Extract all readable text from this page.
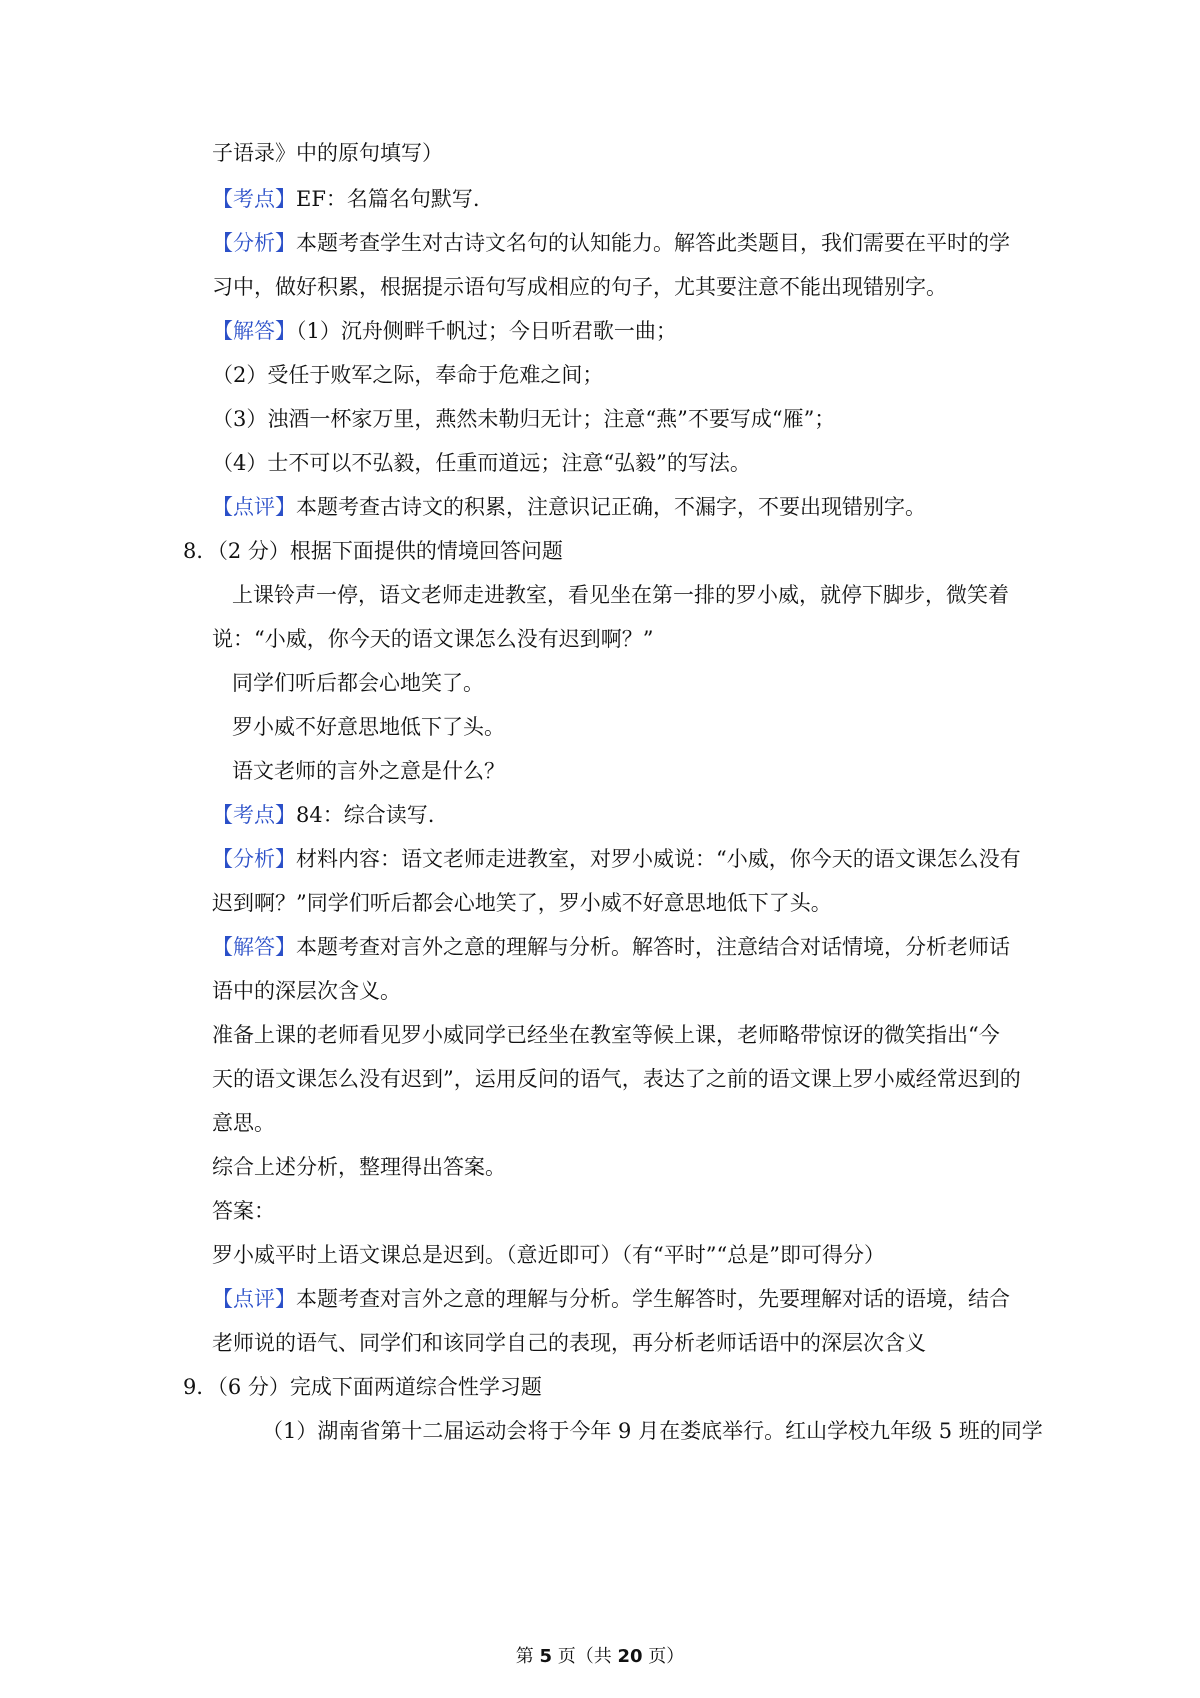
子语录》中的原句填写）
【考点】EF：名篇名句默写.
【分析】本题考查学生对古诗文名句的认知能力。解答此类题目，我们需要在平时的学
习中，做好积累，根据提示语句写成相应的句子，尤其要注意不能出现错别字。
【解答】（1）沉舟侧畔千帆过；今日听君歌一曲；
（2）受任于败军之际，奉命于危难之间；
（3）浊酒一杯家万里，燕然未勒归无计；注意“燕”不要写成“雁”；
（4）士不可以不弘毅，任重而道远；注意“弘毅”的写法。
【点评】本题考查古诗文的积累，注意识记正确，不漏字，不要出现错别字。
8．（2 分）根据下面提供的情境回答问题
上课铃声一停，语文老师走进教室，看见坐在第一排的罗小威，就停下脚步，微笑着
说：“小威，你今天的语文课怎么没有迟到啊？”
同学们听后都会心地笑了。
罗小威不好意思地低下了头。
语文老师的言外之意是什么？
【考点】84：综合读写.
【分析】材料内容：语文老师走进教室，对罗小威说：“小威，你今天的语文课怎么没有
迟到啊？”同学们听后都会心地笑了，罗小威不好意思地低下了头。
【解答】本题考查对言外之意的理解与分析。解答时，注意结合对话情境，分析老师话
语中的深层次含义。
准备上课的老师看见罗小威同学已经坐在教室等候上课，老师略带惊讶的微笑指出“今
天的语文课怎么没有迟到”，运用反问的语气，表达了之前的语文课上罗小威经常迟到的
意思。
综合上述分析，整理得出答案。
答案：
罗小威平时上语文课总是迟到。（意近即可）（有“平时”“总是”即可得分）
【点评】本题考查对言外之意的理解与分析。学生解答时，先要理解对话的语境，结合
老师说的语气、同学们和该同学自己的表现，再分析老师话语中的深层次含义
9．（6 分）完成下面两道综合性学习题
（1）湖南省第十二届运动会将于今年 9 月在娄底举行。红山学校九年级 5 班的同学
第 5 页（共 20 页）
